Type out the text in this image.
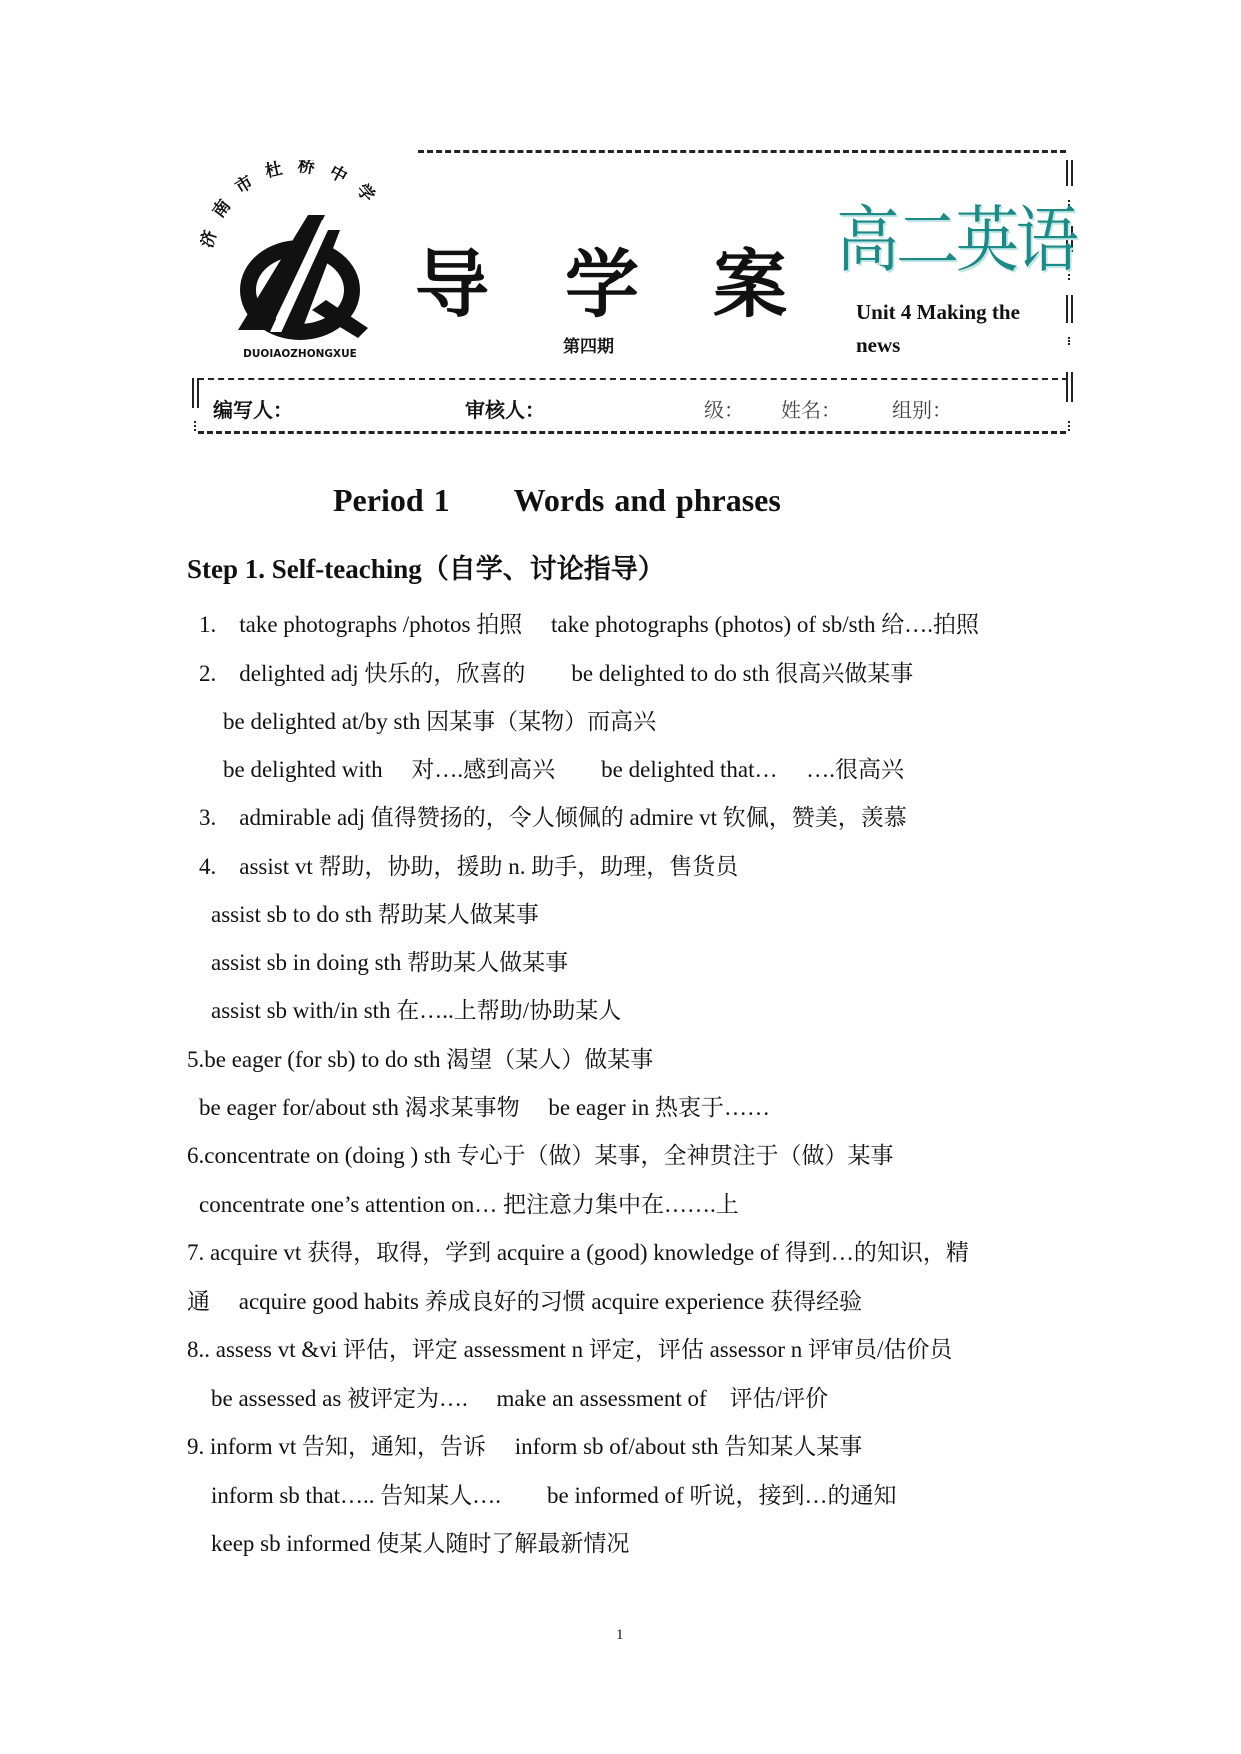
南市杜桥中学
DUOIAOZHONGXUE
导 学 案
第四期
高二英语
Unit 4 Making the
news
编写人：	审核人：	级： 姓名：	组别：
Period 1　　Words and phrases
Step 1. Self-teaching（自学、讨论指导）
1.　take photographs /photos 拍照　 take photographs (photos) of sb/sth 给….拍照
2.　delighted adj 快乐的，欣喜的　　be delighted to do sth 很高兴做某事
be delighted at/by sth 因某事（某物）而高兴
be delighted with　 对….感到高兴　　be delighted that…　 ….很高兴
3.　admirable adj 值得赞扬的，令人倾佩的 admire vt 钦佩，赞美，羡慕
4.　assist vt 帮助，协助，援助 n. 助手，助理，售货员
assist sb to do sth 帮助某人做某事
assist sb in doing sth 帮助某人做某事
assist sb with/in sth 在…..上帮助/协助某人
5.be eager (for sb) to do sth 渴望（某人）做某事
be eager for/about sth 渴求某事物　 be eager in 热衷于……
6.concentrate on (doing ) sth 专心于（做）某事，全神贯注于（做）某事
concentrate one’s attention on… 把注意力集中在…….上
7. acquire vt 获得，取得，学到 acquire a (good) knowledge of 得到…的知识，精
通　 acquire good habits 养成良好的习惯 acquire experience 获得经验
8.. assess vt &vi 评估，评定 assessment n 评定，评估 assessor n 评审员/估价员
be assessed as 被评定为….　 make an assessment of　评估/评价
9. inform vt 告知，通知，告诉　 inform sb of/about sth 告知某人某事
inform sb that….. 告知某人….　　be informed of 听说，接到…的通知
keep sb informed 使某人随时了解最新情况
1
